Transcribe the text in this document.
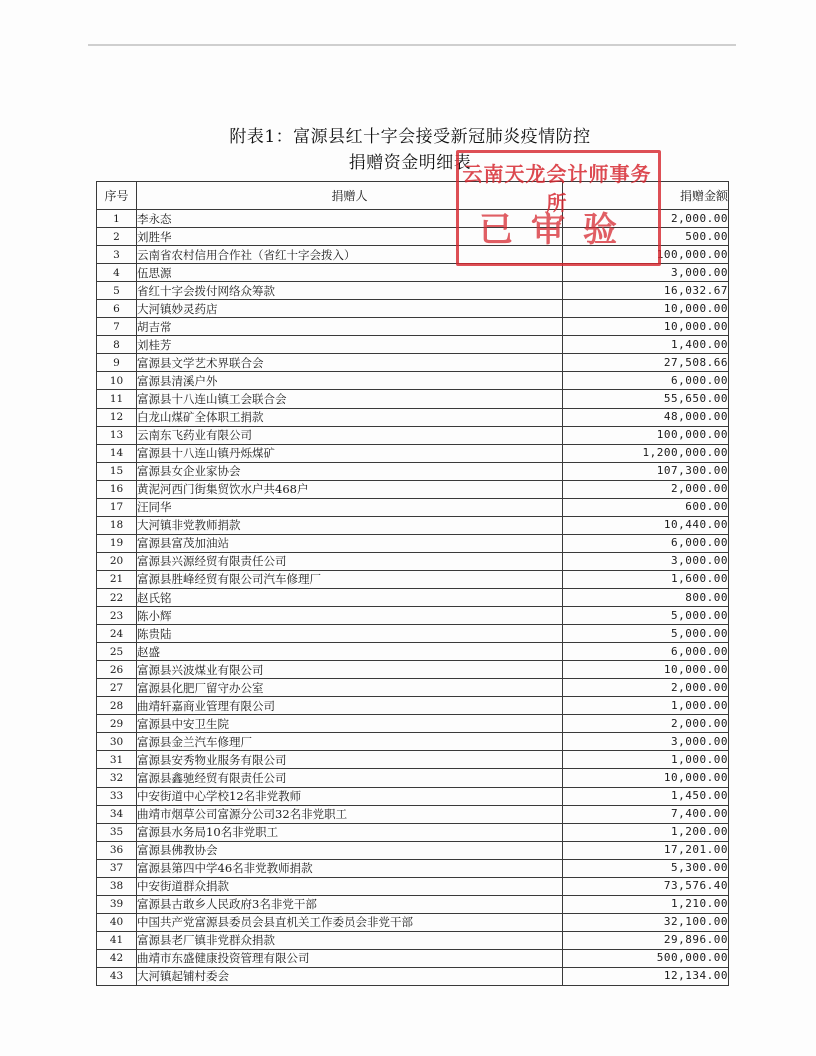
附表1：富源县红十字会接受新冠肺炎疫情防控
捐赠资金明细表
序号	捐赠人	捐赠金额
1	李永态	2,000.00
2	刘胜华	500.00
3	云南省农村信用合作社（省红十字会拨入）	100,000.00
4	伍思源	3,000.00
5	省红十字会拨付网络众筹款	16,032.67
6	大河镇妙灵药店	10,000.00
7	胡吉常	10,000.00
8	刘桂芳	1,400.00
9	富源县文学艺术界联合会	27,508.66
10	富源县清溪户外	6,000.00
11	富源县十八连山镇工会联合会	55,650.00
12	白龙山煤矿全体职工捐款	48,000.00
13	云南东飞药业有限公司	100,000.00
14	富源县十八连山镇丹烁煤矿	1,200,000.00
15	富源县女企业家协会	107,300.00
16	黄泥河西门街集贸饮水户共468户	2,000.00
17	汪同华	600.00
18	大河镇非党教师捐款	10,440.00
19	富源县富茂加油站	6,000.00
20	富源县兴源经贸有限责任公司	3,000.00
21	富源县胜峰经贸有限公司汽车修理厂	1,600.00
22	赵氏铭	800.00
23	陈小辉	5,000.00
24	陈贵陆	5,000.00
25	赵盛	6,000.00
26	富源县兴波煤业有限公司	10,000.00
27	富源县化肥厂留守办公室	2,000.00
28	曲靖轩嘉商业管理有限公司	1,000.00
29	富源县中安卫生院	2,000.00
30	富源县金兰汽车修理厂	3,000.00
31	富源县安秀物业服务有限公司	1,000.00
32	富源县鑫驰经贸有限责任公司	10,000.00
33	中安街道中心学校12名非党教师	1,450.00
34	曲靖市烟草公司富源分公司32名非党职工	7,400.00
35	富源县水务局10名非党职工	1,200.00
36	富源县佛教协会	17,201.00
37	富源县第四中学46名非党教师捐款	5,300.00
38	中安街道群众捐款	73,576.40
39	富源县古敢乡人民政府3名非党干部	1,210.00
40	中国共产党富源县委员会县直机关工作委员会非党干部	32,100.00
41	富源县老厂镇非党群众捐款	29,896.00
42	曲靖市东盛健康投资管理有限公司	500,000.00
43	大河镇起铺村委会	12,134.00
云南天龙会计师事务所
已审验
